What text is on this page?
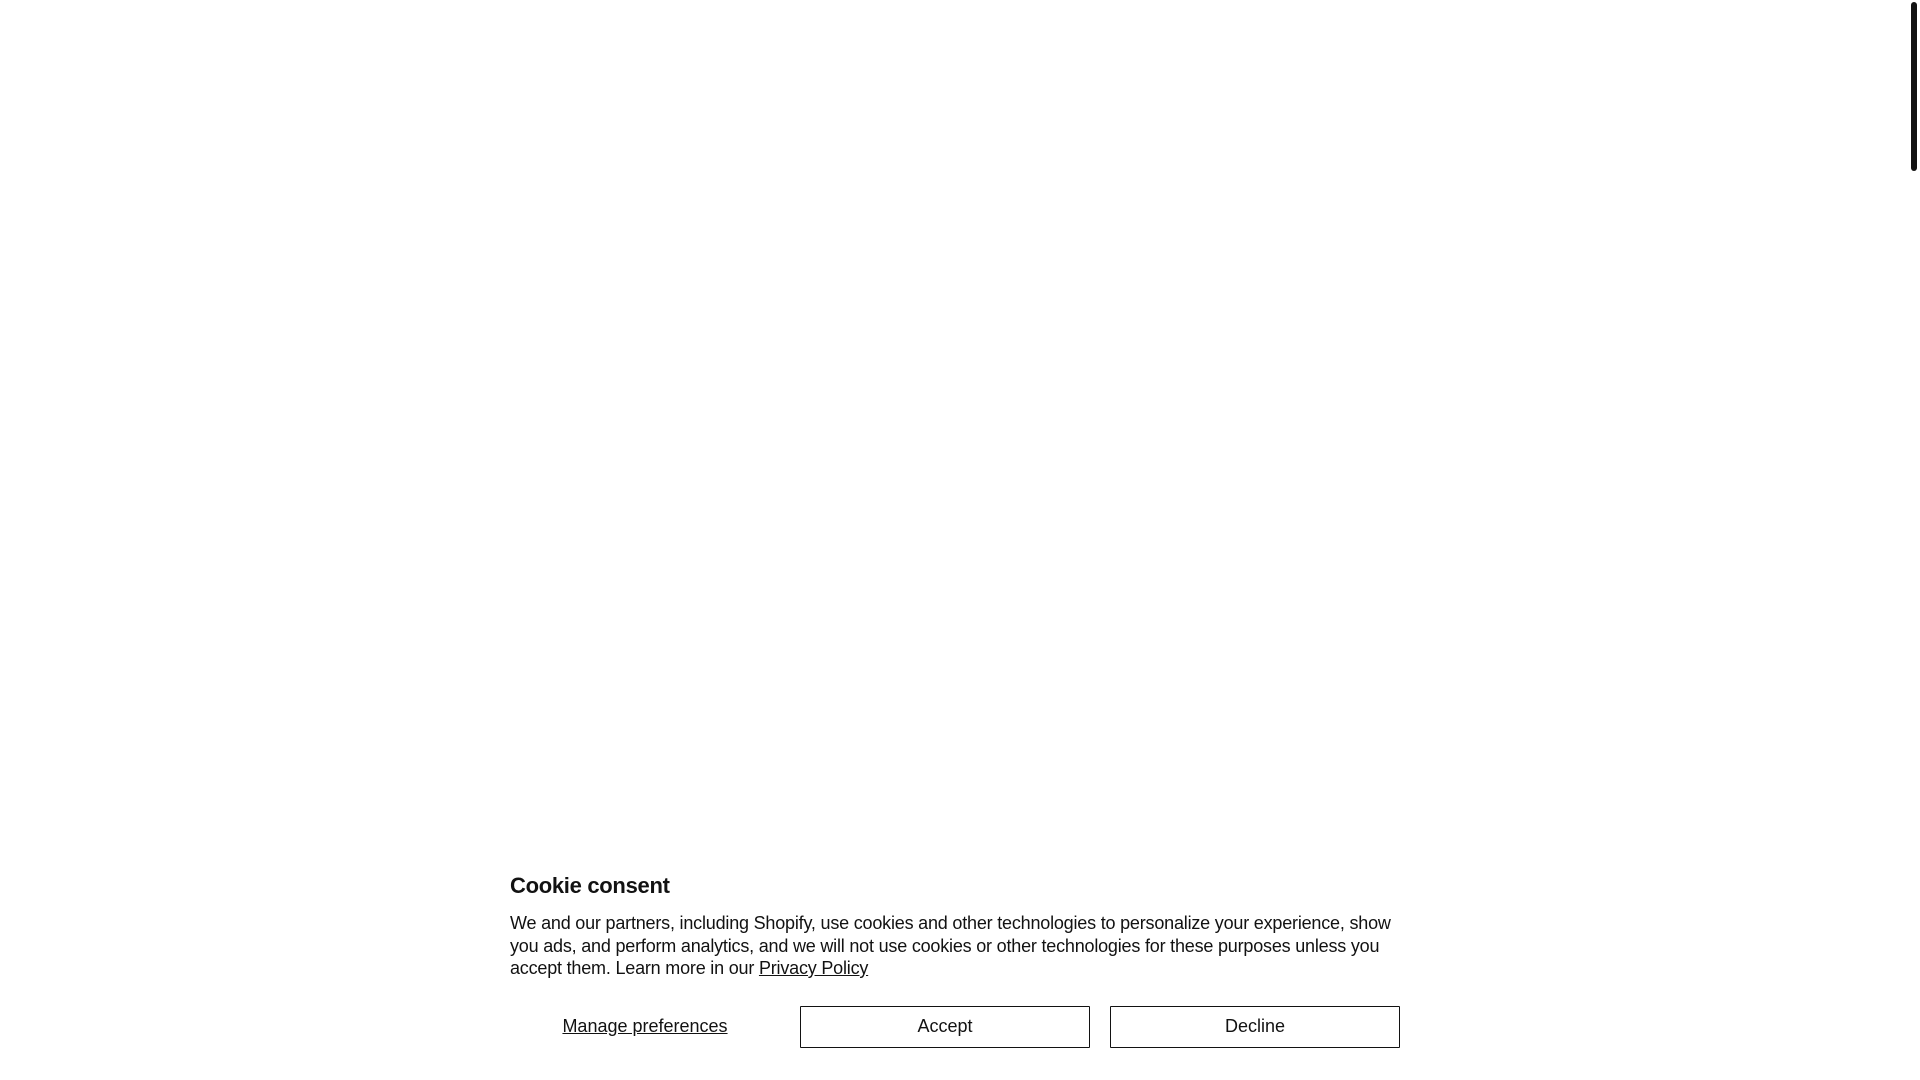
Cookie consent

We and our partners, including Shopify, use cookies and other technologies to personalize your experience, show you ads, and perform analytics, and we will not use cookies or other technologies for these purposes unless you accept them. Learn more in our Privacy Policy

Manage preferences	Accept	Decline
